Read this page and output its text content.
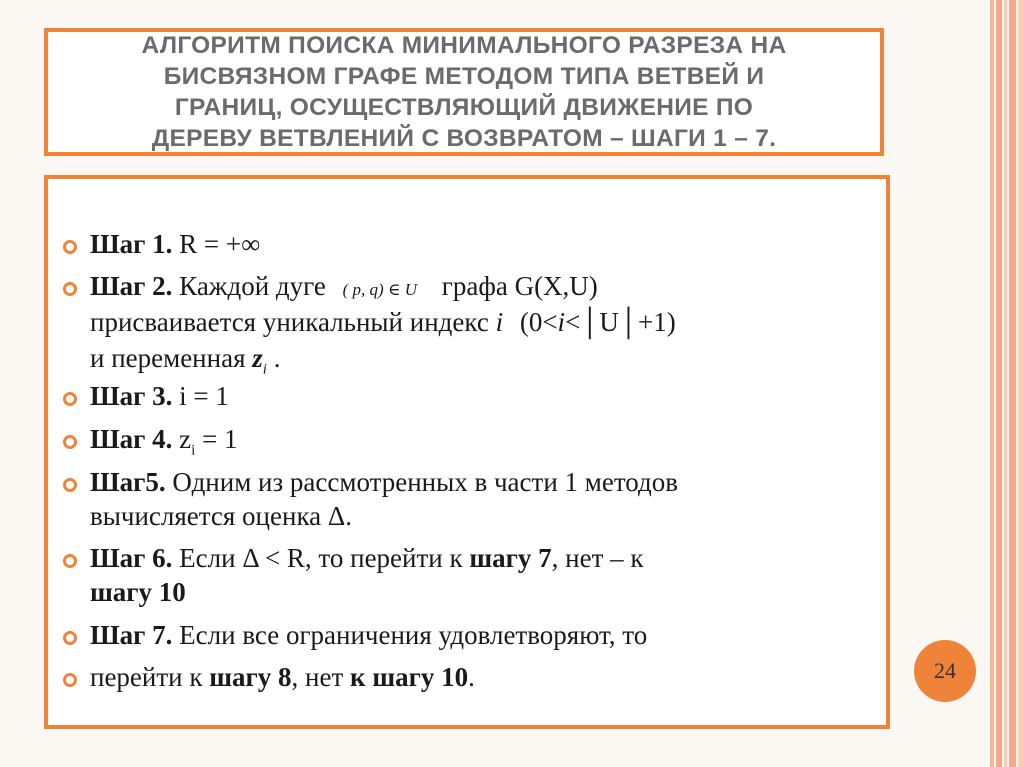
АЛГОРИТМ ПОИСКА МИНИМАЛЬНОГО РАЗРЕЗА НА
БИСВЯЗНОМ ГРАФЕ МЕТОДОМ ТИПА ВЕТВЕЙ И
ГРАНИЦ, ОСУЩЕСТВЛЯЮЩИЙ ДВИЖЕНИЕ ПО
ДЕРЕВУ ВЕТВЛЕНИЙ С ВОЗВРАТОМ – ШАГИ 1 – 7.
Шаг 1. R = +∞
Шаг 2. Каждой дуге ( p, q) ∈ U графа G(X,U)
присваивается уникальный индекс i (0<i<│U│+1)
и переменная $z_i$ .
Шаг 3. i = 1
Шаг 4. $z_i = 1$
Шаг5. Одним из рассмотренных в части 1 методов
вычисляется оценка Δ.
Шаг 6. Если Δ < R, то перейти к шагу 7, нет – к
шагу 10
Шаг 7. Если все ограничения удовлетворяют, то
перейти к шагу 8, нет к шагу 10.	24
